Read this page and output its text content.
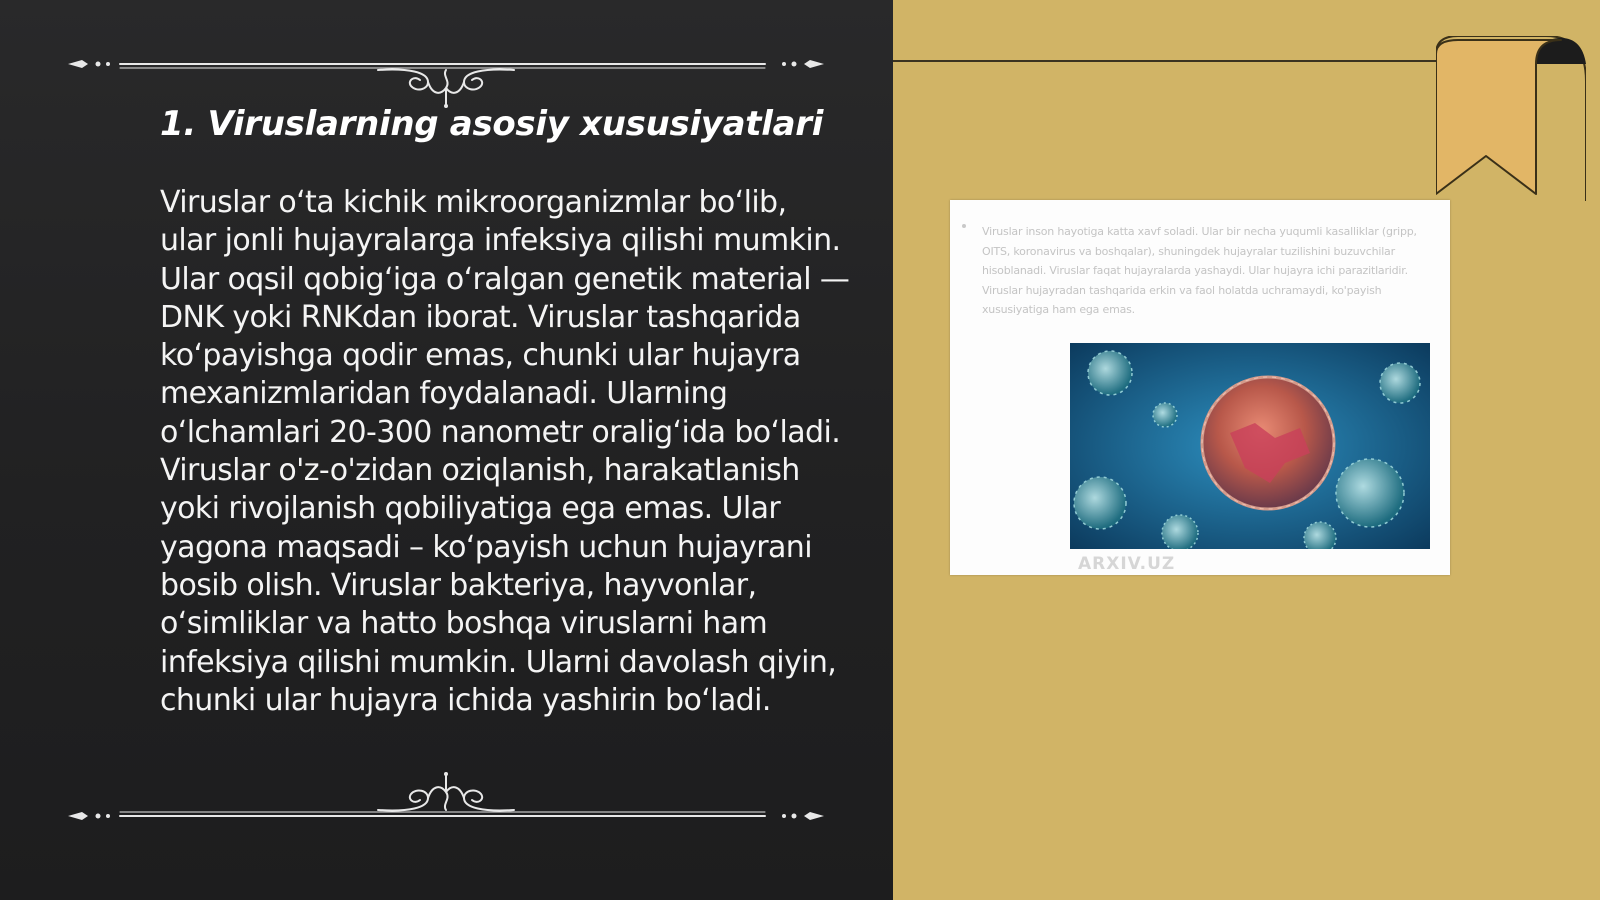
1. Viruslarning asosiy xususiyatlari

Viruslar o‘ta kichik mikroorganizmlar bo‘lib, ular jonli hujayralarga infeksiya qilishi mumkin. Ular oqsil qobig‘iga o‘ralgan genetik material — DNK yoki RNKdan iborat. Viruslar tashqarida ko‘payishga qodir emas, chunki ular hujayra mexanizmlaridan foydalanadi. Ularning o‘lchamlari 20-300 nanometr oralig‘ida bo‘ladi. Viruslar o'z-o'zidan oziqlanish, harakatlanish yoki rivojlanish qobiliyatiga ega emas. Ular yagona maqsadi – ko‘payish uchun hujayrani bosib olish. Viruslar bakteriya, hayvonlar, o‘simliklar va hatto boshqa viruslarni ham infeksiya qilishi mumkin. Ularni davolash qiyin, chunki ular hujayra ichida yashirin bo‘ladi.

Viruslar inson hayotiga katta xavf soladi. Ular bir necha yuqumli kasalliklar (gripp, OITS, koronavirus va boshqalar), shuningdek hujayralar tuzilishini buzuvchilar hisoblanadi. Viruslar faqat hujayralarda yashaydi. Ular hujayra ichi parazitlaridir. Viruslar hujayradan tashqarida erkin va faol holatda uchramaydi, ko'payish xususiyatiga ham ega emas.

ARXIV.UZ
